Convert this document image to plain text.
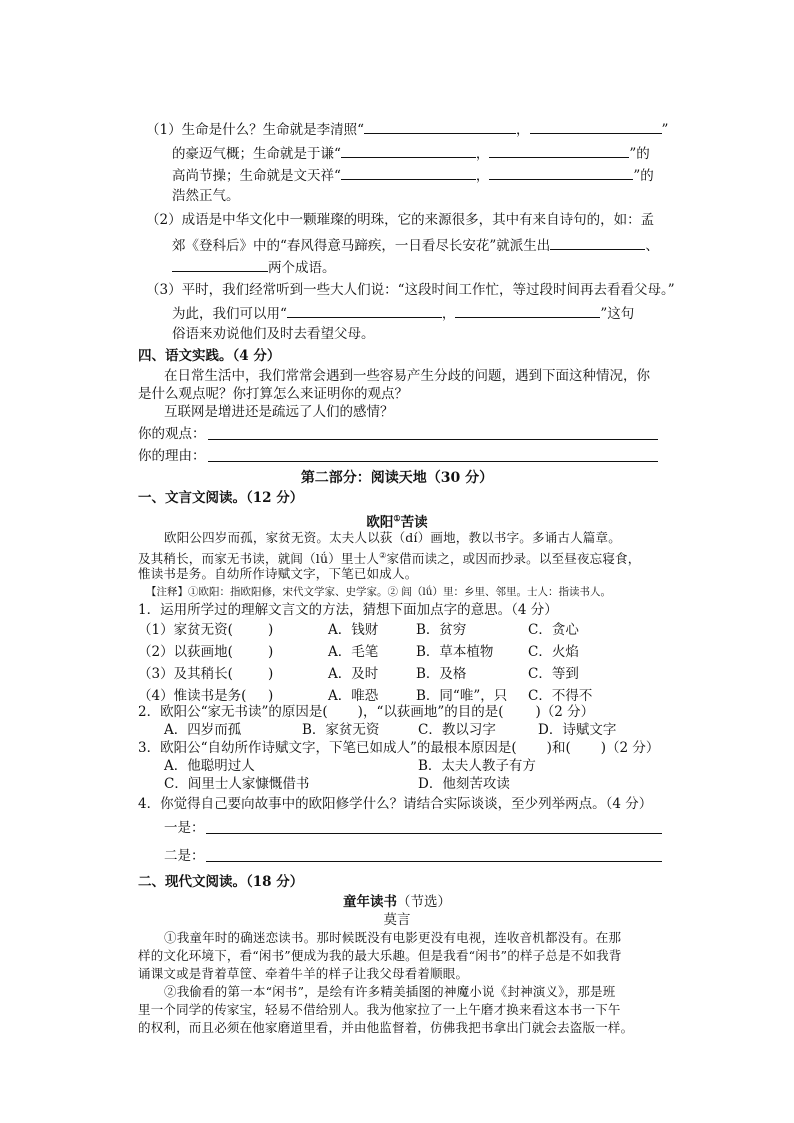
（1）生命是什么？生命就是李清照“	，	”
的豪迈气概；生命就是于谦“	，	”的
高尚节操；生命就是文天祥“	，	”的
浩然正气。
（2）成语是中华文化中一颗璀璨的明珠，它的来源很多，其中有来自诗句的，如：孟
郊《登科后》中的“春风得意马蹄疾，一日看尽长安花”就派生出	、
两个成语。
（3）平时，我们经常听到一些大人们说：“这段时间工作忙，等过段时间再去看看父母。”
为此，我们可以用“	，	”这句
俗语来劝说他们及时去看望父母。
四、语文实践。（4 分）
在日常生活中，我们常常会遇到一些容易产生分歧的问题，遇到下面这种情况，你
是什么观点呢？你打算怎么来证明你的观点？
互联网是增进还是疏远了人们的感情？
你的观点：
你的理由：
第二部分：阅读天地（30 分）
一、文言文阅读。（12 分）
欧阳①苦读
欧阳公四岁而孤，家贫无资。太夫人以荻（dí）画地，教以书字。多诵古人篇章。
及其稍长，而家无书读，就闾（lǘ）里士人②家借而读之，或因而抄录。以至昼夜忘寝食，
惟读书是务。自幼所作诗赋文字，下笔已如成人。
【注释】①欧阳：指欧阳修，宋代文学家、史学家。② 闾（lǘ）里：乡里、邻里。士人：指读书人。
1．运用所学过的理解文言文的方法，猜想下面加点字的意思。（4 分）
（1）家贫无资(	)	A．钱财	B．贫穷	C．贪心
（2）以荻画地(	)	A．毛笔	B．草本植物	C．火焰
（3）及其稍长(	)	A．及时	B．及格	C．等到
（4）惟读书是务( )	A．唯恐	B．同“唯”，只 C．不得不
2．欧阳公“家无书读”的原因是( )，“以荻画地”的目的是( )（2 分）
A．四岁而孤	B．家贫无资	C．教以习字	D．诗赋文字
3．欧阳公“自幼所作诗赋文字，下笔已如成人”的最根本原因是( )和( )（2 分）
A．他聪明过人	B．太夫人教子有方
C．闾里士人家慷慨借书	D．他刻苦攻读
4．你觉得自己要向故事中的欧阳修学什么？请结合实际谈谈，至少列举两点。（4 分）
一是：
二是：
二、现代文阅读。（18 分）
童年读书（节选）
莫言
①我童年时的确迷恋读书。那时候既没有电影更没有电视，连收音机都没有。在那
样的文化环境下，看“闲书”便成为我的最大乐趣。但是我看“闲书”的样子总是不如我背
诵课文或是背着草筐、牵着牛羊的样子让我父母看着顺眼。
②我偷看的第一本“闲书”，是绘有许多精美插图的神魔小说《封神演义》，那是班
里一个同学的传家宝，轻易不借给别人。我为他家拉了一上午磨才换来看这本书一下午
的权利，而且必须在他家磨道里看，并由他监督着，仿佛我把书拿出门就会去盗版一样。
